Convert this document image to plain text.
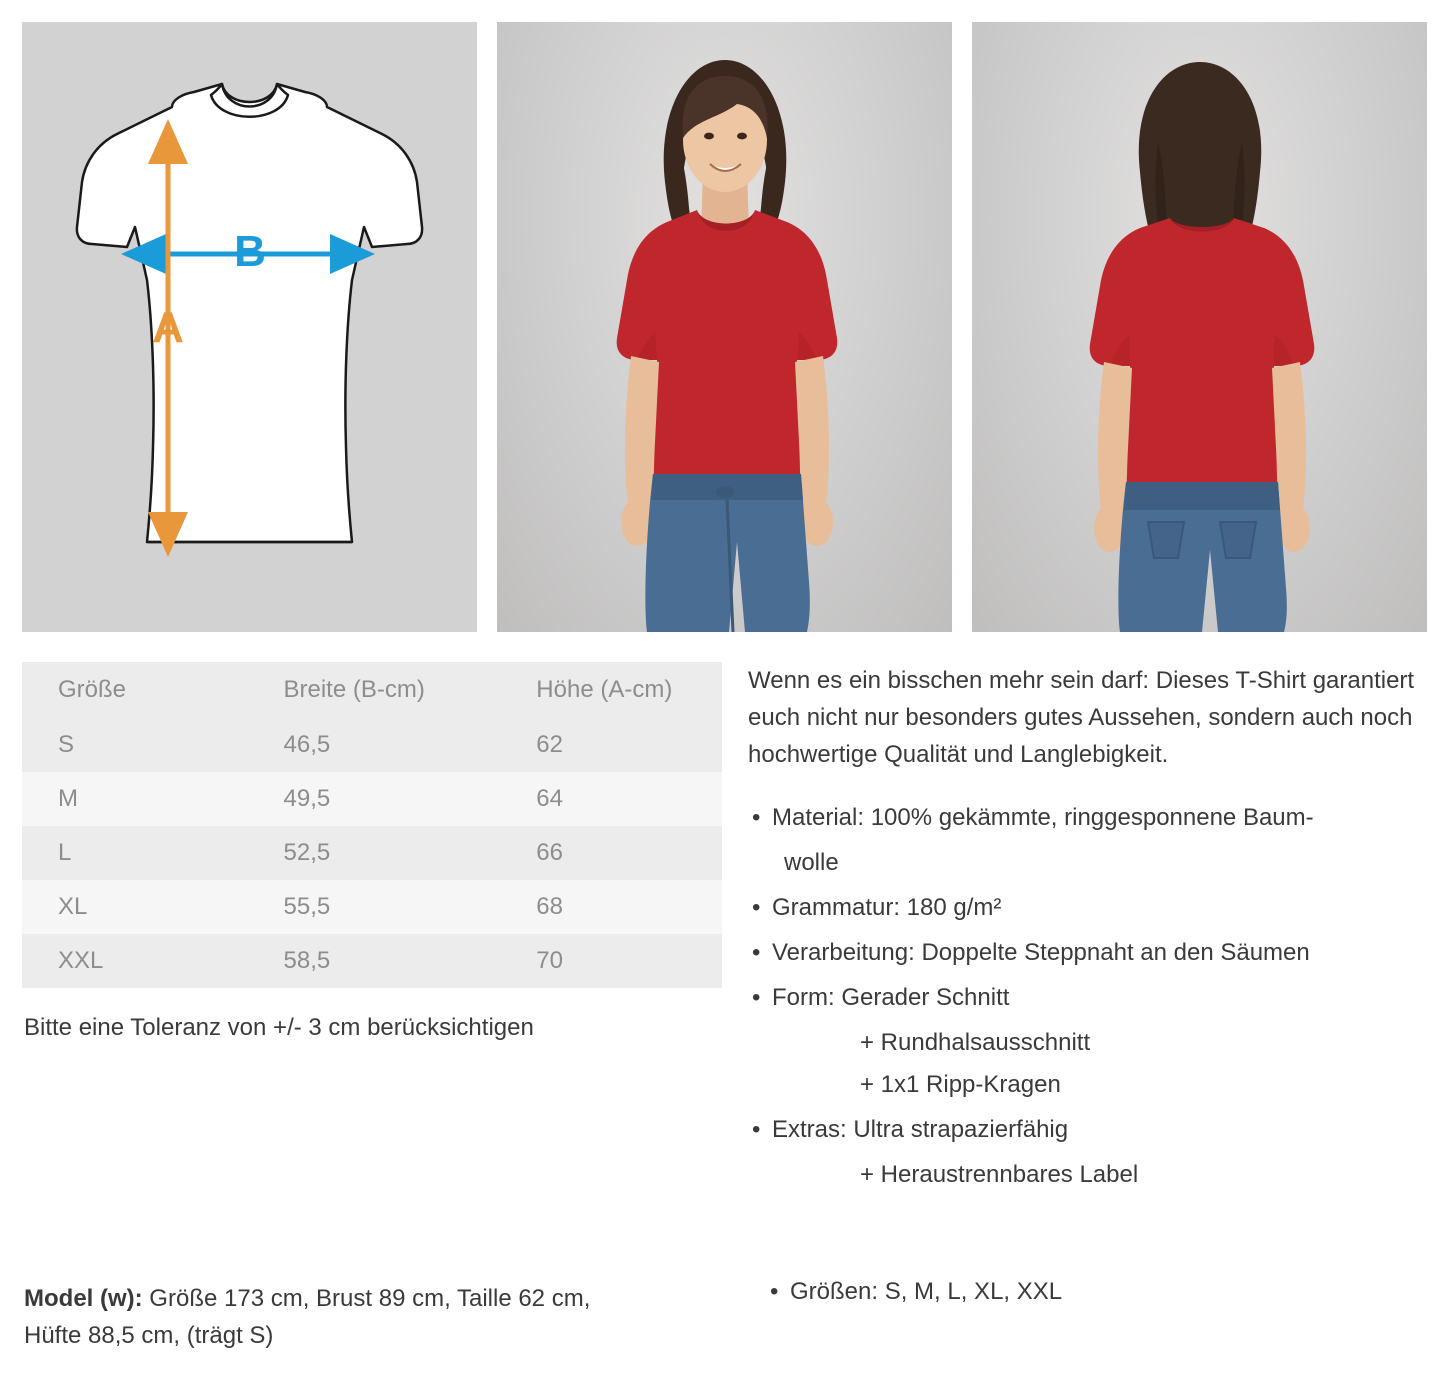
B
A
Größe	Breite (B-cm)	Höhe (A-cm)
S	46,5	62
M	49,5	64
L	52,5	66
XL	55,5	68
XXL	58,5	70
Bitte eine Toleranz von +/- 3 cm berücksichtigen

Wenn es ein bisschen mehr sein darf: Dieses T-Shirt garantiert euch nicht nur besonders gutes Aussehen, sondern auch noch hochwertige Qualität und Langlebigkeit.

• Material: 100% gekämmte, ringgesponnene Baum-
wolle
• Grammatur: 180 g/m²
• Verarbeitung: Doppelte Steppnaht an den Säumen
• Form: Gerader Schnitt
+ Rundhalsausschnitt
+ 1x1 Ripp-Kragen
• Extras: Ultra strapazierfähig
+ Heraustrennbares Label
• Größen: S, M, L, XL, XXL
Model (w): Größe 173 cm, Brust 89 cm, Taille 62 cm,
Hüfte 88,5 cm, (trägt S)
